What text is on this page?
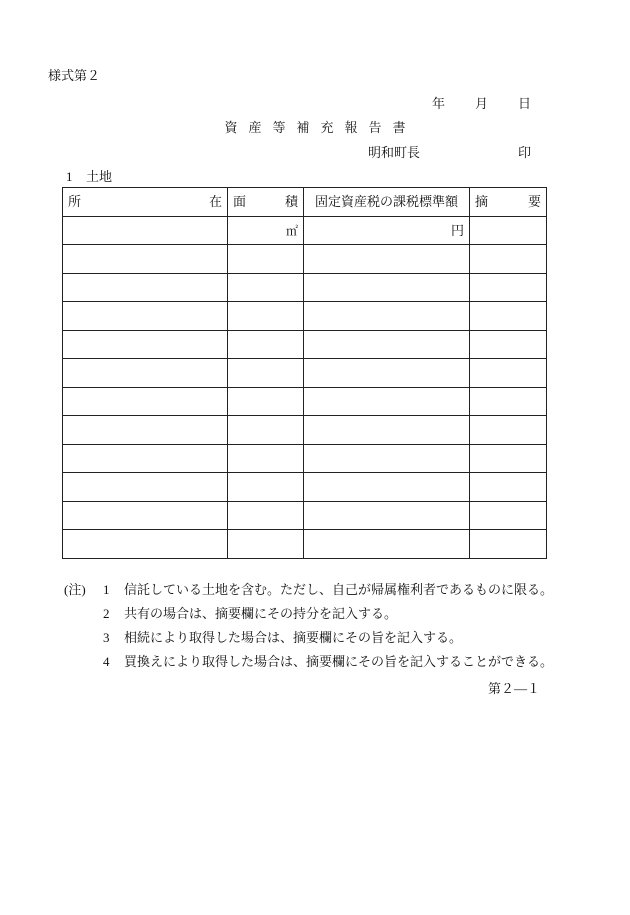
様式第２
年 月 日
資産等補充報告書
明和町長	印
1 土地
所 在	面 積	固定資産税の課税標準額	摘 要

	㎡	円	

(注) 1 信託している土地を含む。ただし、自己が帰属権利者であるものに限る。
2 共有の場合は、摘要欄にその持分を記入する。
3 相続により取得した場合は、摘要欄にその旨を記入する。
4 買換えにより取得した場合は、摘要欄にその旨を記入することができる。
第２―１
